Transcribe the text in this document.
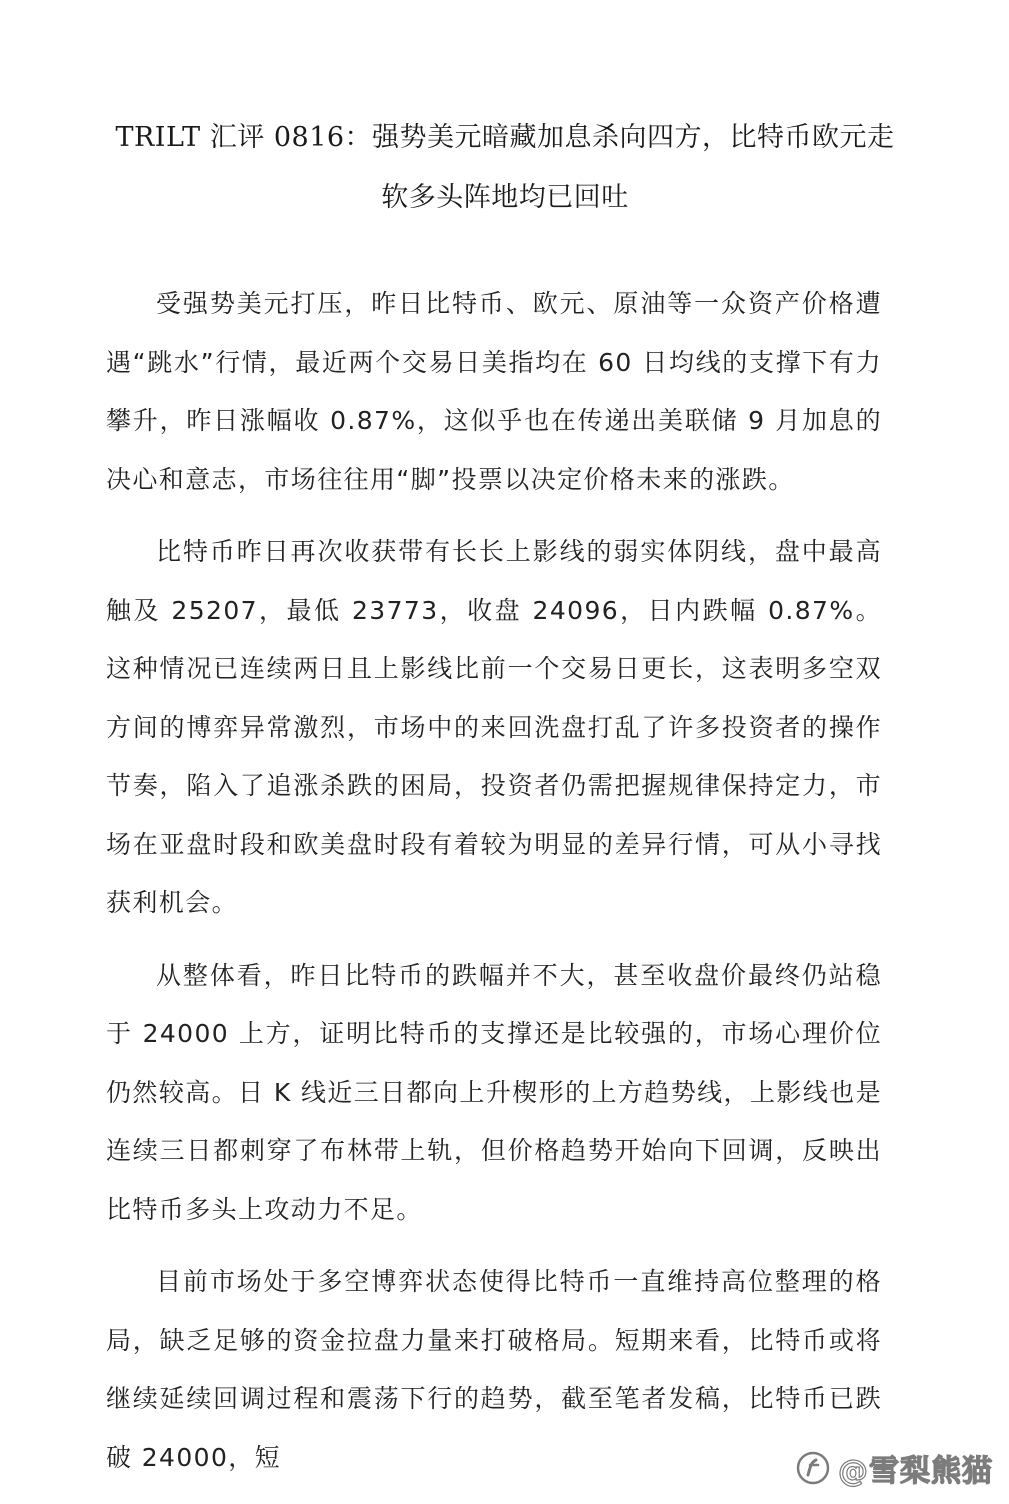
TRILT 汇评 0816：强势美元暗藏加息杀向四方，比特币欧元走
软多头阵地均已回吐

受强势美元打压，昨日比特币、欧元、原油等一众资产价格遭遇“跳水”行情，最近两个交易日美指均在 60 日均线的支撑下有力攀升，昨日涨幅收 0.87%，这似乎也在传递出美联储 9 月加息的决心和意志，市场往往用“脚”投票以决定价格未来的涨跌。

比特币昨日再次收获带有长长上影线的弱实体阴线，盘中最高触及 25207，最低 23773，收盘 24096，日内跌幅 0.87%。这种情况已连续两日且上影线比前一个交易日更长，这表明多空双方间的博弈异常激烈，市场中的来回洗盘打乱了许多投资者的操作节奏，陷入了追涨杀跌的困局，投资者仍需把握规律保持定力，市场在亚盘时段和欧美盘时段有着较为明显的差异行情，可从小寻找获利机会。

从整体看，昨日比特币的跌幅并不大，甚至收盘价最终仍站稳于 24000 上方，证明比特币的支撑还是比较强的，市场心理价位仍然较高。日 K 线近三日都向上升楔形的上方趋势线，上影线也是连续三日都刺穿了布林带上轨，但价格趋势开始向下回调，反映出比特币多头上攻动力不足。

目前市场处于多空博弈状态使得比特币一直维持高位整理的格局，缺乏足够的资金拉盘力量来打破格局。短期来看，比特币或将继续延续回调过程和震荡下行的趋势，截至笔者发稿，比特币已跌破 24000，短	@雪梨熊猫
